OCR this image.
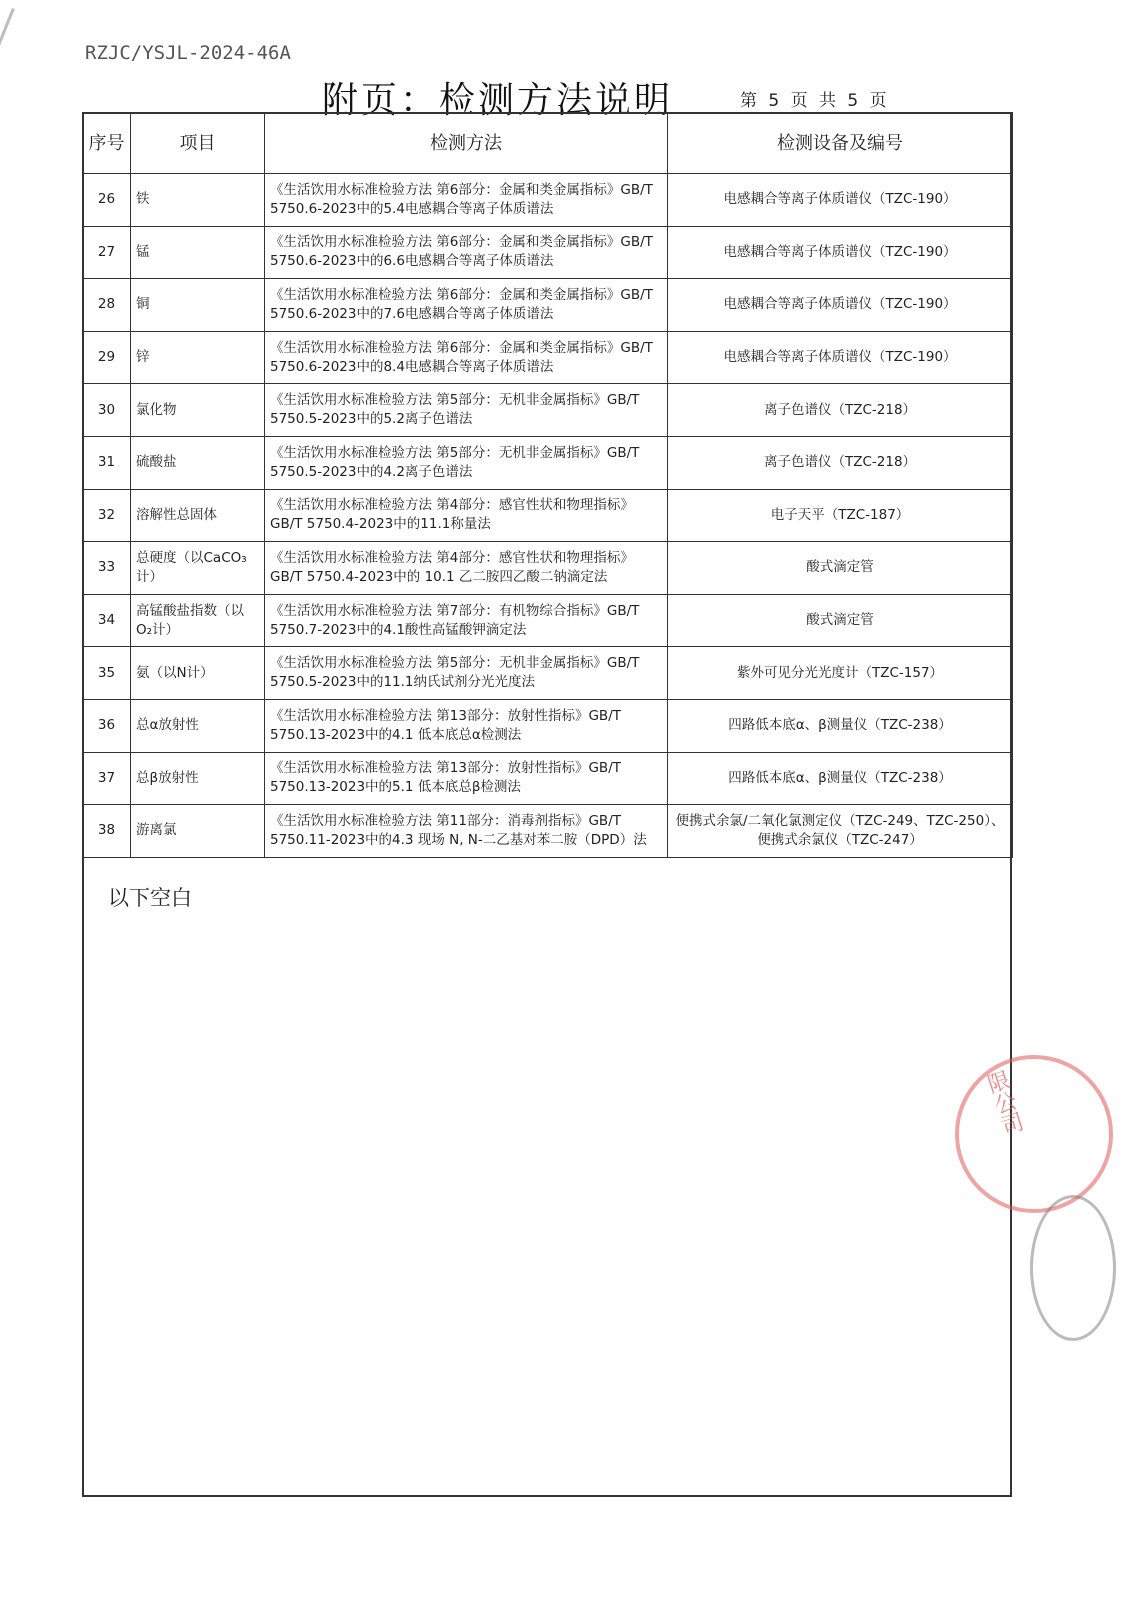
RZJC/YSJL-2024-46A
附页：检测方法说明	第 5 页 共 5 页
序号	项目	检测方法	检测设备及编号
26	铁	《生活饮用水标准检验方法 第6部分：金属和类金属指标》GB/T 5750.6-2023中的5.4电感耦合等离子体质谱法	电感耦合等离子体质谱仪（TZC-190）
27	锰	《生活饮用水标准检验方法 第6部分：金属和类金属指标》GB/T 5750.6-2023中的6.6电感耦合等离子体质谱法	电感耦合等离子体质谱仪（TZC-190）
28	铜	《生活饮用水标准检验方法 第6部分：金属和类金属指标》GB/T 5750.6-2023中的7.6电感耦合等离子体质谱法	电感耦合等离子体质谱仪（TZC-190）
29	锌	《生活饮用水标准检验方法 第6部分：金属和类金属指标》GB/T 5750.6-2023中的8.4电感耦合等离子体质谱法	电感耦合等离子体质谱仪（TZC-190）
30	氯化物	《生活饮用水标准检验方法 第5部分：无机非金属指标》GB/T 5750.5-2023中的5.2离子色谱法	离子色谱仪（TZC-218）
31	硫酸盐	《生活饮用水标准检验方法 第5部分：无机非金属指标》GB/T 5750.5-2023中的4.2离子色谱法	离子色谱仪（TZC-218）
32	溶解性总固体	《生活饮用水标准检验方法 第4部分：感官性状和物理指标》GB/T 5750.4-2023中的11.1称量法	电子天平（TZC-187）
33	总硬度（以CaCO₃计）	《生活饮用水标准检验方法 第4部分：感官性状和物理指标》GB/T 5750.4-2023中的 10.1 乙二胺四乙酸二钠滴定法	酸式滴定管
34	高锰酸盐指数（以O₂计）	《生活饮用水标准检验方法 第7部分：有机物综合指标》GB/T 5750.7-2023中的4.1酸性高锰酸钾滴定法	酸式滴定管
35	氨（以N计）	《生活饮用水标准检验方法 第5部分：无机非金属指标》GB/T 5750.5-2023中的11.1纳氏试剂分光光度法	紫外可见分光光度计（TZC-157）
36	总α放射性	《生活饮用水标准检验方法 第13部分：放射性指标》GB/T 5750.13-2023中的4.1 低本底总α检测法	四路低本底α、β测量仪（TZC-238）
37	总β放射性	《生活饮用水标准检验方法 第13部分：放射性指标》GB/T 5750.13-2023中的5.1 低本底总β检测法	四路低本底α、β测量仪（TZC-238）
38	游离氯	《生活饮用水标准检验方法 第11部分：消毒剂指标》GB/T 5750.11-2023中的4.3 现场 N, N-二乙基对苯二胺（DPD）法	便携式余氯/二氧化氯测定仪（TZC-249、TZC-250）、便携式余氯仪（TZC-247）
以下空白
限公司
